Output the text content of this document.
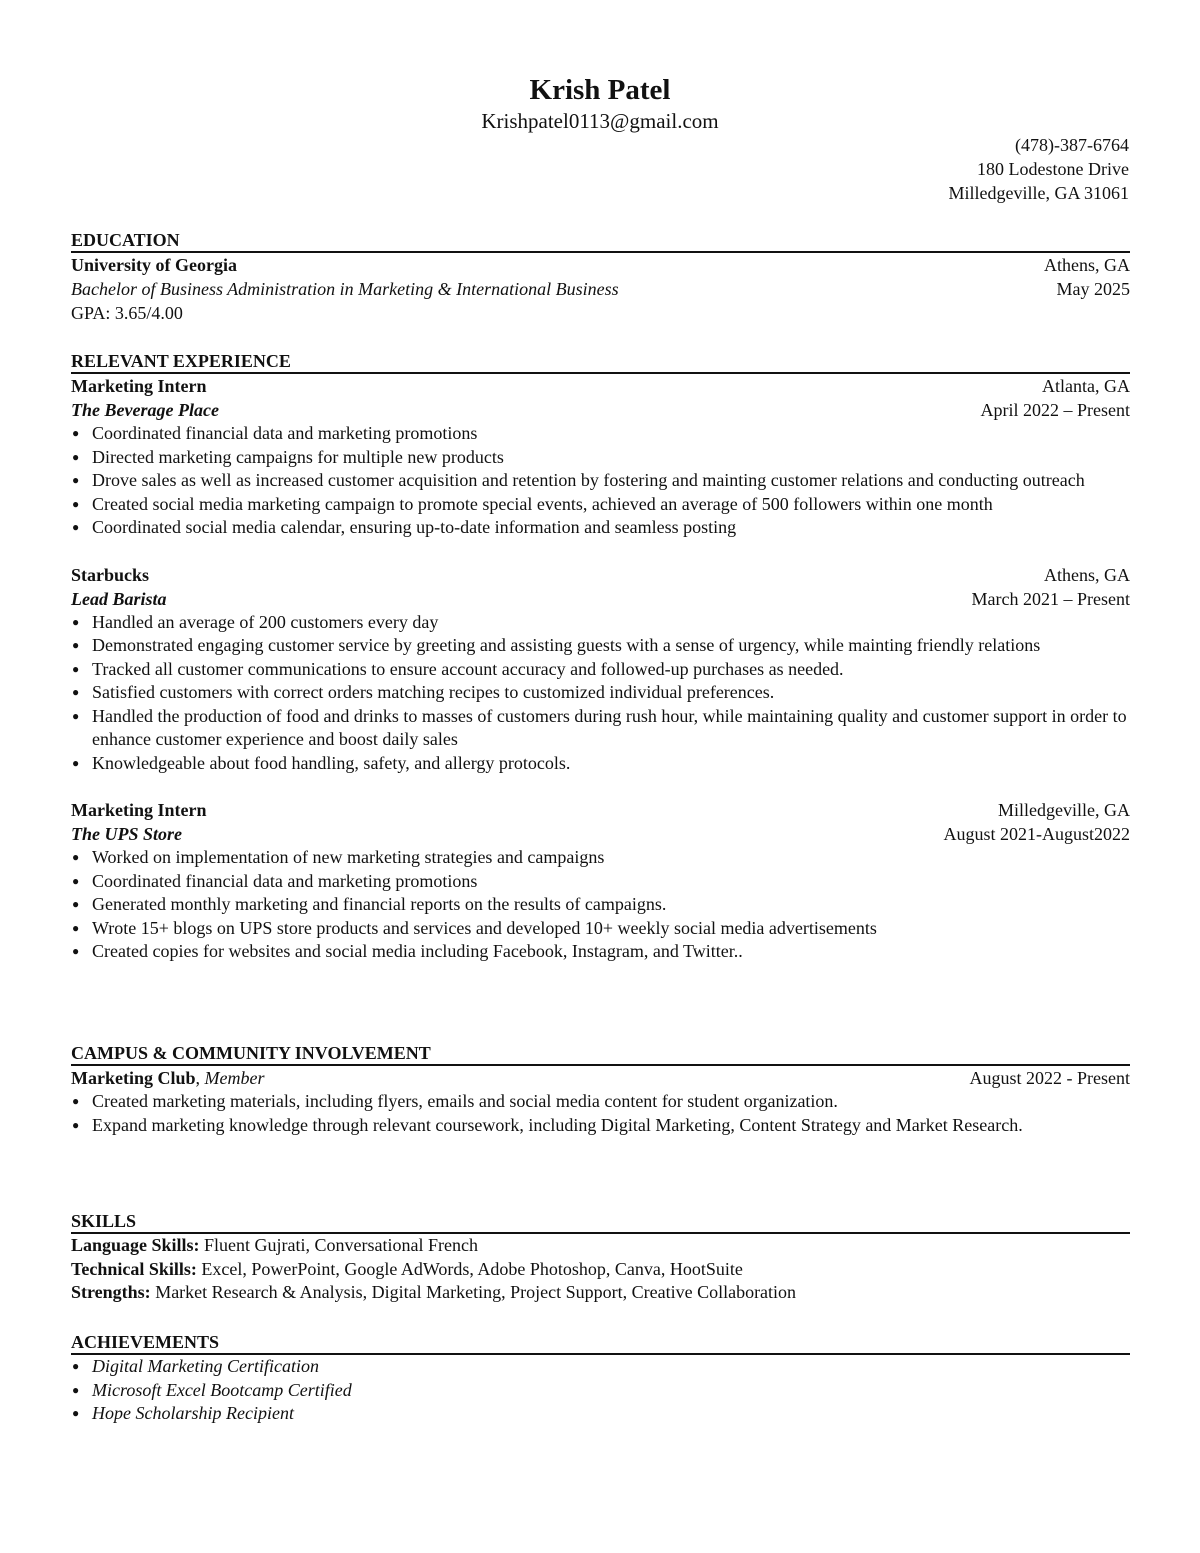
Krish Patel
Krishpatel0113@gmail.com
(478)-387-6764
180 Lodestone Drive
Milledgeville, GA 31061
EDUCATION
University of Georgia	Athens, GA
Bachelor of Business Administration in Marketing & International Business	May 2025
GPA: 3.65/4.00
RELEVANT EXPERIENCE
Marketing Intern	Atlanta, GA
The Beverage Place	April 2022 – Present
● Coordinated financial data and marketing promotions
● Directed marketing campaigns for multiple new products
● Drove sales as well as increased customer acquisition and retention by fostering and mainting customer relations and conducting outreach
● Created social media marketing campaign to promote special events, achieved an average of 500 followers within one month
● Coordinated social media calendar, ensuring up-to-date information and seamless posting
Starbucks	Athens, GA
Lead Barista	March 2021 – Present
● Handled an average of 200 customers every day
● Demonstrated engaging customer service by greeting and assisting guests with a sense of urgency, while mainting friendly relations
● Tracked all customer communications to ensure account accuracy and followed-up purchases as needed.
● Satisfied customers with correct orders matching recipes to customized individual preferences.
● Handled the production of food and drinks to masses of customers during rush hour, while maintaining quality and customer support in order to enhance customer experience and boost daily sales
● Knowledgeable about food handling, safety, and allergy protocols.
Marketing Intern	Milledgeville, GA
The UPS Store	August 2021-August2022
● Worked on implementation of new marketing strategies and campaigns
● Coordinated financial data and marketing promotions
● Generated monthly marketing and financial reports on the results of campaigns.
● Wrote 15+ blogs on UPS store products and services and developed 10+ weekly social media advertisements
● Created copies for websites and social media including Facebook, Instagram, and Twitter..
CAMPUS & COMMUNITY INVOLVEMENT
Marketing Club, Member	August 2022 - Present
● Created marketing materials, including flyers, emails and social media content for student organization.
● Expand marketing knowledge through relevant coursework, including Digital Marketing, Content Strategy and Market Research.
SKILLS
Language Skills: Fluent Gujrati, Conversational French
Technical Skills: Excel, PowerPoint, Google AdWords, Adobe Photoshop, Canva, HootSuite
Strengths: Market Research & Analysis, Digital Marketing, Project Support, Creative Collaboration
ACHIEVEMENTS
● Digital Marketing Certification
● Microsoft Excel Bootcamp Certified
● Hope Scholarship Recipient
